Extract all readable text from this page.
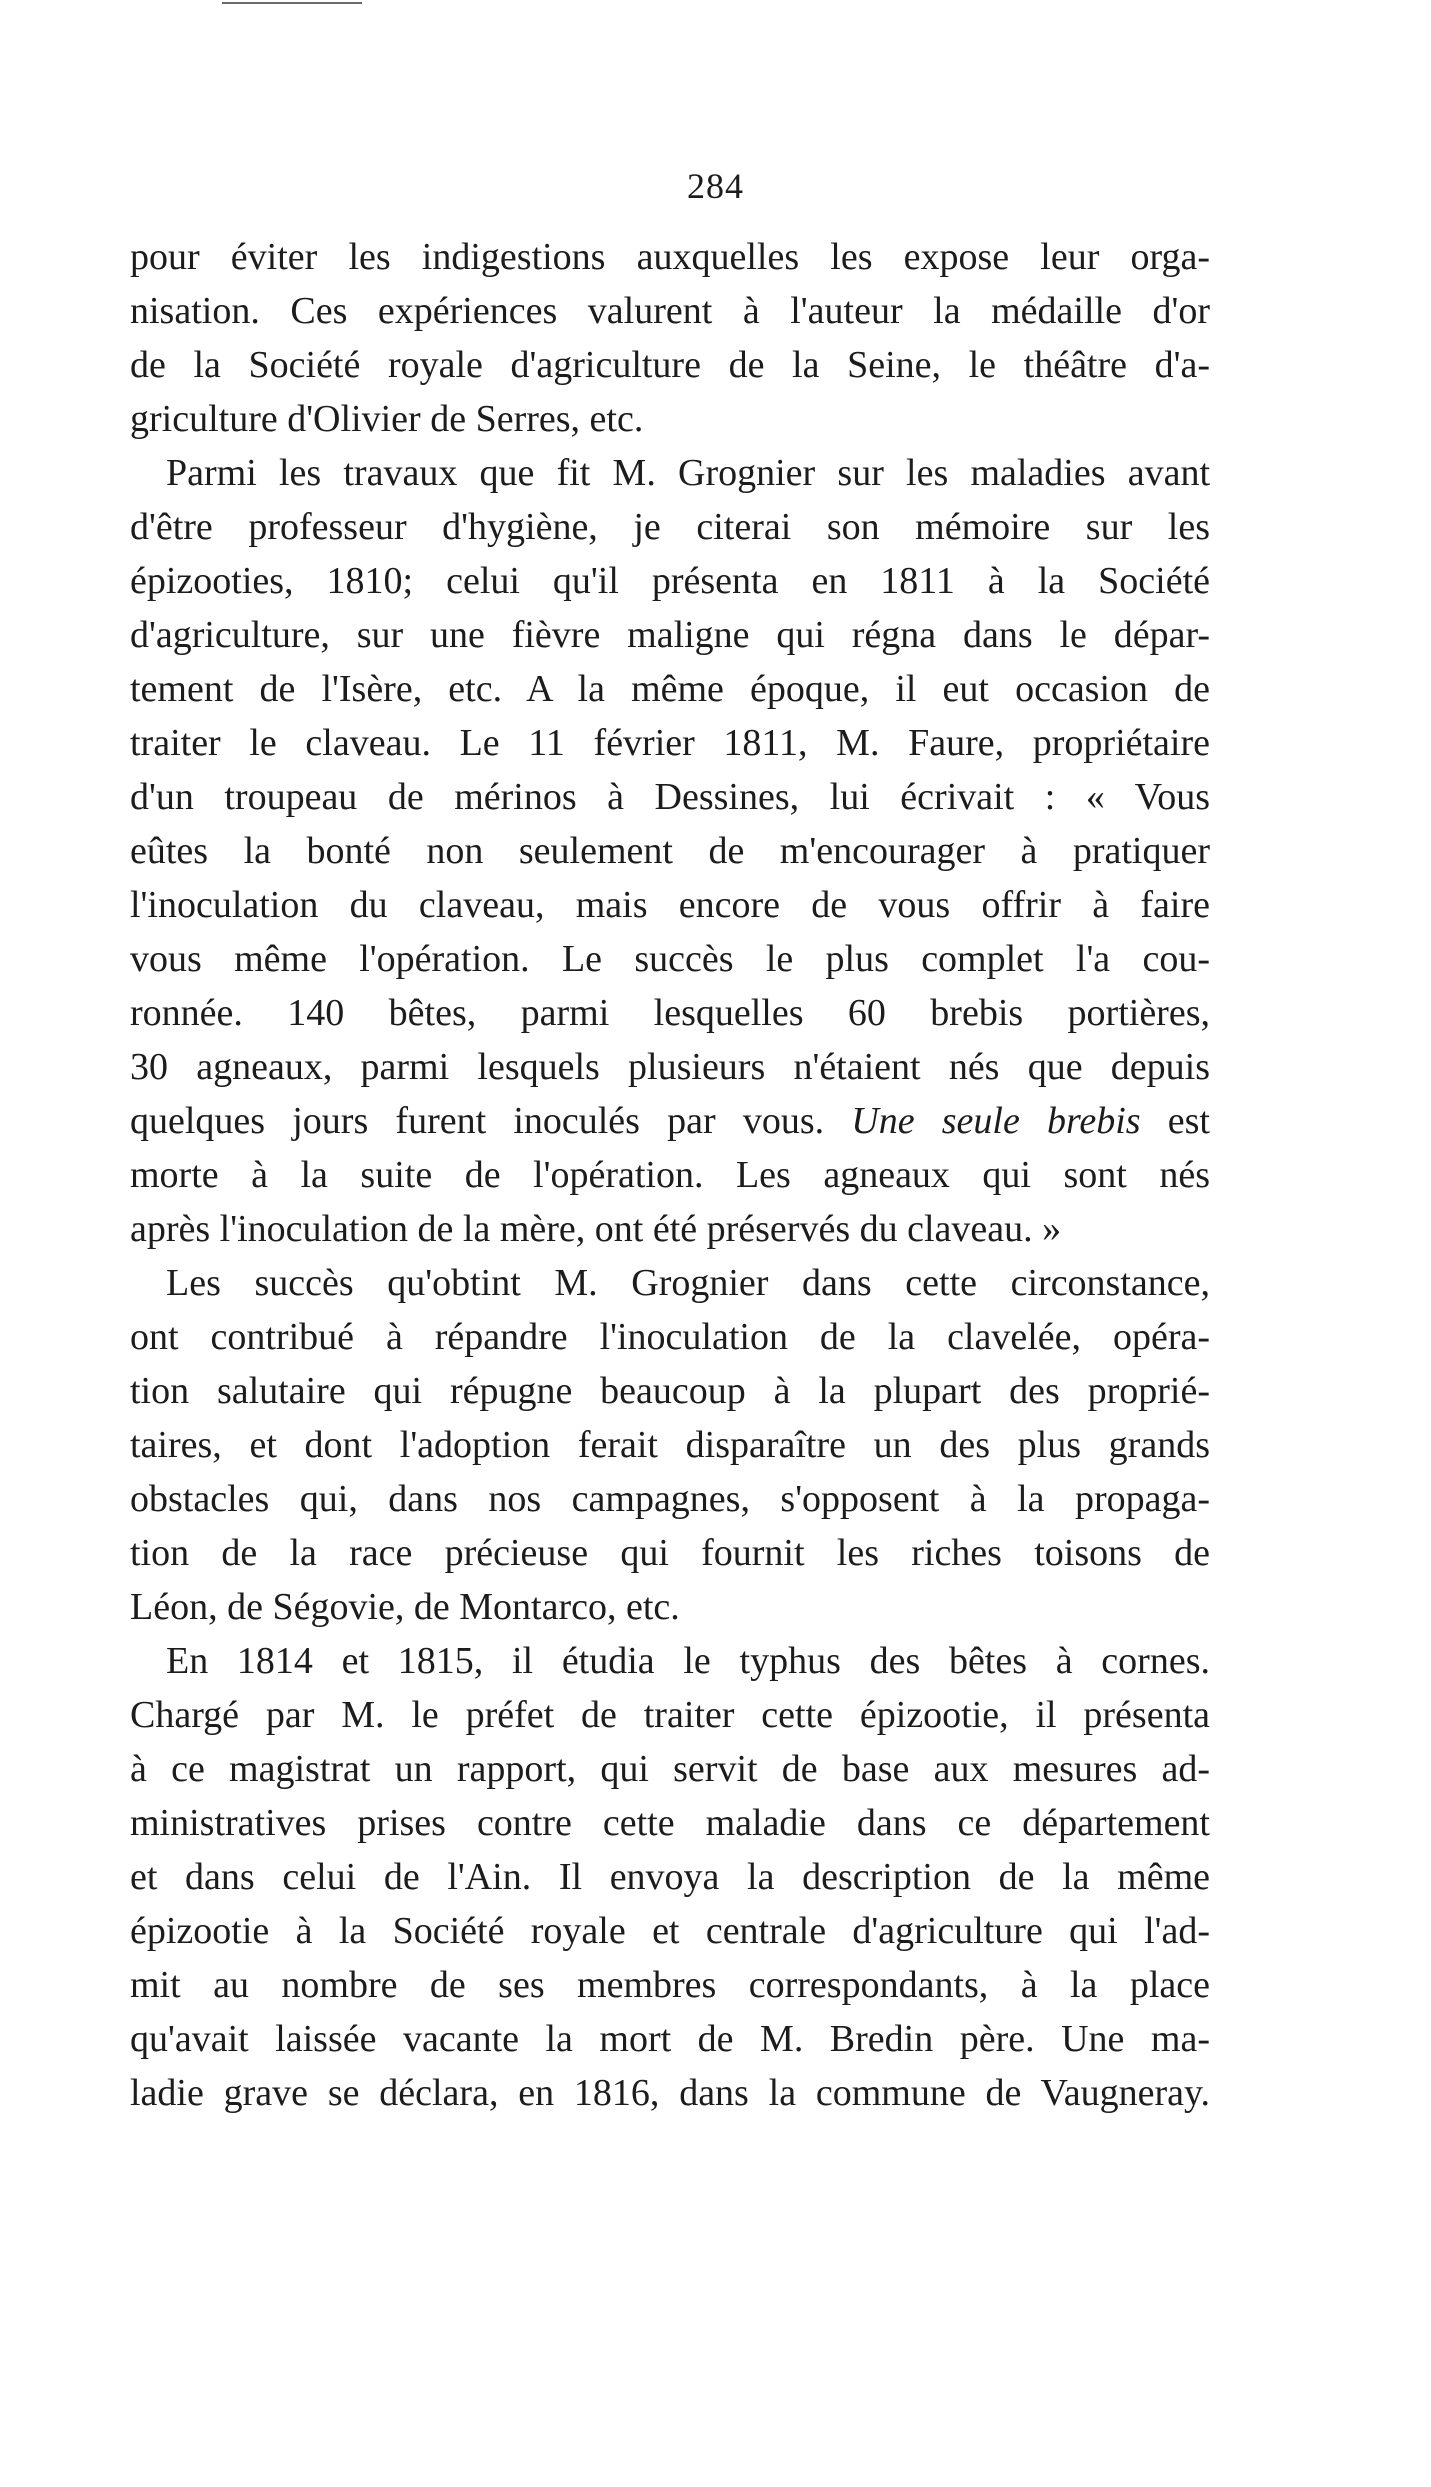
284
pour éviter les indigestions auxquelles les expose leur orga-
nisation. Ces expériences valurent à l'auteur la médaille d'or
de la Société royale d'agriculture de la Seine, le théâtre d'a-
griculture d'Olivier de Serres, etc.
Parmi les travaux que fit M. Grognier sur les maladies avant
d'être professeur d'hygiène, je citerai son mémoire sur les
épizooties, 1810; celui qu'il présenta en 1811 à la Société
d'agriculture, sur une fièvre maligne qui régna dans le dépar-
tement de l'Isère, etc. A la même époque, il eut occasion de
traiter le claveau. Le 11 février 1811, M. Faure, propriétaire
d'un troupeau de mérinos à Dessines, lui écrivait : « Vous
eûtes la bonté non seulement de m'encourager à pratiquer
l'inoculation du claveau, mais encore de vous offrir à faire
vous même l'opération. Le succès le plus complet l'a cou-
ronnée. 140 bêtes, parmi lesquelles 60 brebis portières,
30 agneaux, parmi lesquels plusieurs n'étaient nés que depuis
quelques jours furent inoculés par vous. Une seule brebis est
morte à la suite de l'opération. Les agneaux qui sont nés
après l'inoculation de la mère, ont été préservés du claveau. »
Les succès qu'obtint M. Grognier dans cette circonstance,
ont contribué à répandre l'inoculation de la clavelée, opéra-
tion salutaire qui répugne beaucoup à la plupart des proprié-
taires, et dont l'adoption ferait disparaître un des plus grands
obstacles qui, dans nos campagnes, s'opposent à la propaga-
tion de la race précieuse qui fournit les riches toisons de
Léon, de Ségovie, de Montarco, etc.
En 1814 et 1815, il étudia le typhus des bêtes à cornes.
Chargé par M. le préfet de traiter cette épizootie, il présenta
à ce magistrat un rapport, qui servit de base aux mesures ad-
ministratives prises contre cette maladie dans ce département
et dans celui de l'Ain. Il envoya la description de la même
épizootie à la Société royale et centrale d'agriculture qui l'ad-
mit au nombre de ses membres correspondants, à la place
qu'avait laissée vacante la mort de M. Bredin père. Une ma-
ladie grave se déclara, en 1816, dans la commune de Vaugneray.
